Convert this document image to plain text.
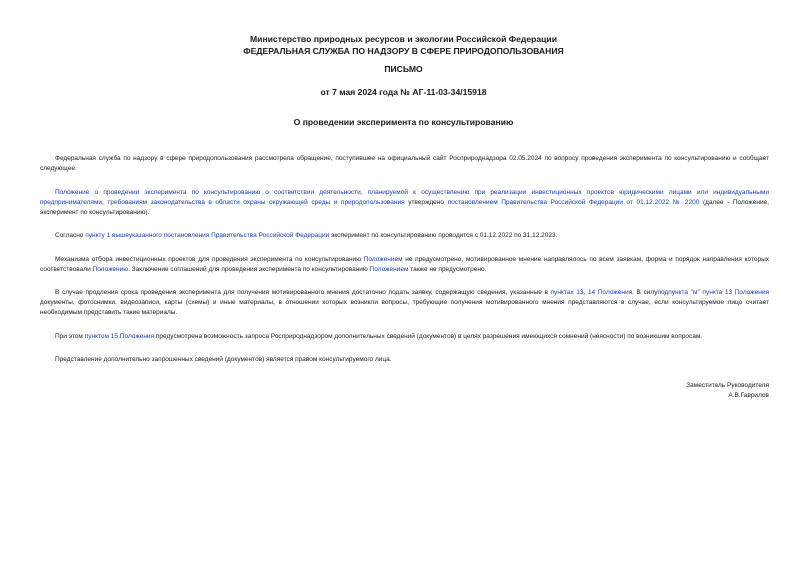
Министерство природных ресурсов и экологии Российской Федерации
ФЕДЕРАЛЬНАЯ СЛУЖБА ПО НАДЗОРУ В СФЕРЕ ПРИРОДОПОЛЬЗОВАНИЯ
ПИСЬМО
от 7 мая 2024 года № АГ-11-03-34/15918
О проведении эксперимента по консультированию

Федеральная служба по надзору в сфере природопользования рассмотрела обращение, поступившее на официальный сайт Росприроднадзора 02.05.2024 по вопросу проведения эксперимента по консультированию и сообщает следующее.

Положение о проведении эксперимента по консультированию о соответствии деятельности, планируемой к осуществлению при реализации инвестиционных проектов юридическими лицами или индивидуальными предпринимателями, требованиям законодательства в области охраны окружающей среды и природопользования утверждено постановлением Правительства Российской Федерации от 01.12.2022 № 2200 (далее - Положение, эксперимент по консультированию).

Согласно пункту 1 вышеуказанного постановления Правительства Российской Федерации эксперимент по консультированию проводится с 01.12.2022 по 31.12.2023.

Механизма отбора инвестиционных проектов для проведения эксперимента по консультированию Положением не предусмотрено, мотивированное мнение направлялось по всем заявкам, форма и порядок направления которых соответствовали Положению. Заключение соглашений для проведения эксперимента по консультированию Положением также не предусмотрено.

В случае продления срока проведения эксперимента для получения мотивированного мнения достаточно подать заявку, содержащую сведения, указанные в пунктах 13, 14 Положения. В силуподпункта "м" пункта 13 Положения документы, фотоснимки, видеозаписи, карты (схемы) и иные материалы, в отношении которых возникли вопросы, требующие получения мотивированного мнения представляются в случае, если консультируемое лицо считает необходимым представить такие материалы.

При этом пунктом 15 Положения предусмотрена возможность запроса Росприроднадзором дополнительных сведений (документов) в целях разрешения имеющихся сомнений (неясности) по возникшим вопросам.

Представление дополнительно запрошенных сведений (документов) является правом консультируемого лица.

Заместитель Руководителя
А.В.Гаврилов
